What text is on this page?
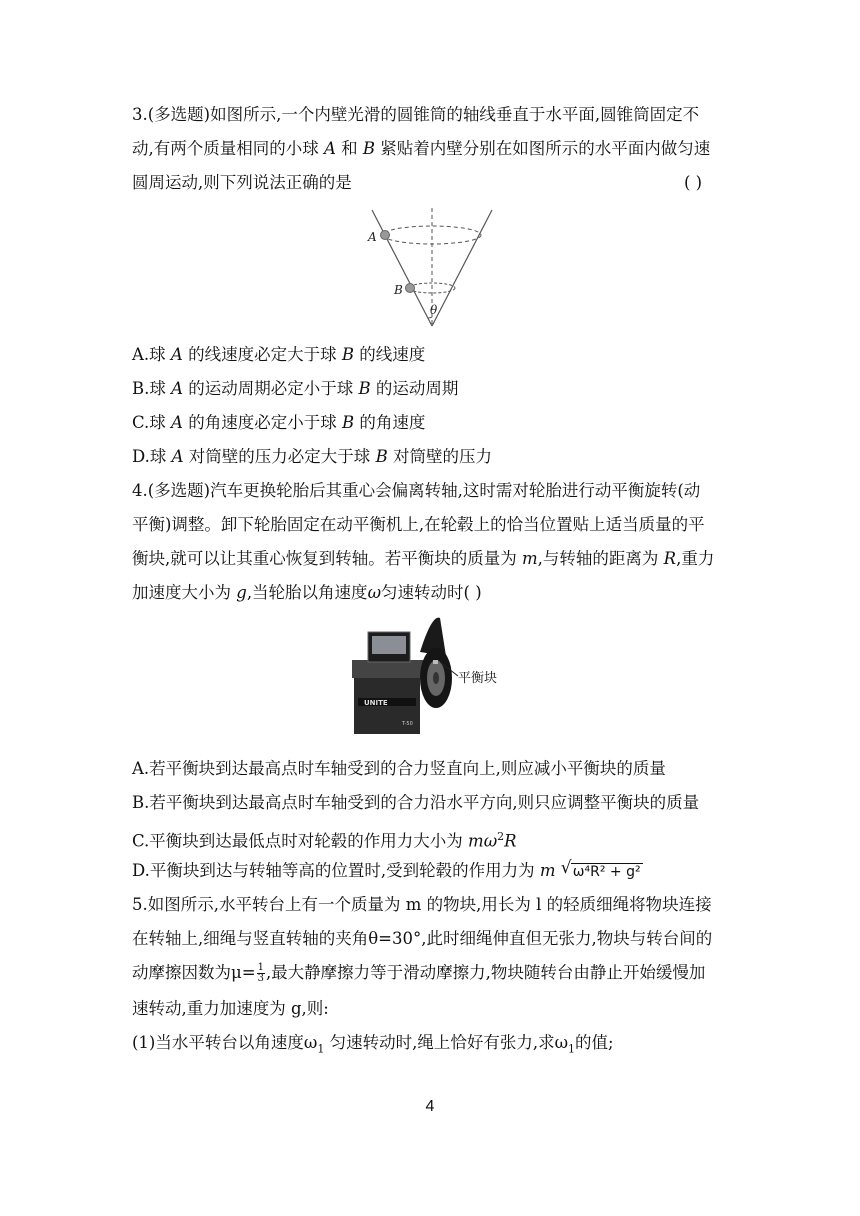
3.(多选题)如图所示,一个内壁光滑的圆锥筒的轴线垂直于水平面,圆锥筒固定不
动,有两个质量相同的小球 A 和 B 紧贴着内壁分别在如图所示的水平面内做匀速
圆周运动,则下列说法正确的是	( )
A
B
θ
A.球 A 的线速度必定大于球 B 的线速度
B.球 A 的运动周期必定小于球 B 的运动周期
C.球 A 的角速度必定小于球 B 的角速度
D.球 A 对筒壁的压力必定大于球 B 对筒壁的压力
4.(多选题)汽车更换轮胎后其重心会偏离转轴,这时需对轮胎进行动平衡旋转(动
平衡)调整。卸下轮胎固定在动平衡机上,在轮毂上的恰当位置贴上适当质量的平
衡块,就可以让其重心恢复到转轴。若平衡块的质量为 m,与转轴的距离为 R,重力
加速度大小为 g,当轮胎以角速度ω匀速转动时( )
UNITE
T-50
平衡块
A.若平衡块到达最高点时车轴受到的合力竖直向上,则应减小平衡块的质量
B.若平衡块到达最高点时车轴受到的合力沿水平方向,则只应调整平衡块的质量
C.平衡块到达最低点时对轮毂的作用力大小为 $m\omega^2R$
D.平衡块到达与转轴等高的位置时,受到轮毂的作用力为 m √ ω⁴R² + g²
5.如图所示,水平转台上有一个质量为 m 的物块,用长为 l 的轻质细绳将物块连接
在转轴上,细绳与竖直转轴的夹角θ=30°,此时细绳伸直但无张力,物块与转台间的
动摩擦因数为$\mu= \frac{1}{3}$ ,最大静摩擦力等于滑动摩擦力,物块随转台由静止开始缓慢加
速转动,重力加速度为 g,则:
(1)当水平转台以角速度$\omega_1$ 匀速转动时,绳上恰好有张力,求$\omega_1$的值;
4
